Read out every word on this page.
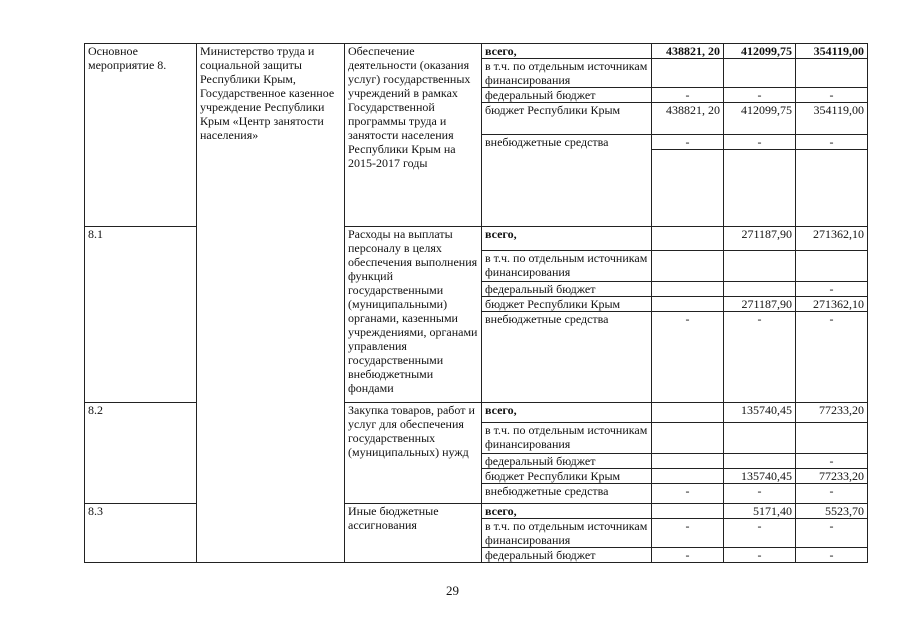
Основное мероприятие 8.	Министерство труда и социальной защиты Республики Крым, Государственное казенное учреждение Республики Крым «Центр занятости населения»	Обеспечение деятельности (оказания услуг) государственных учреждений в рамках Государственной программы труда и занятости населения Республики Крым на 2015-2017 годы	всего,	438821, 20	412099,75	354119,00
			в т.ч. по отдельным источникам финансирования			
			федеральный бюджет	-	-	-
			бюджет Республики Крым	438821, 20	412099,75	354119,00
			внебюджетные средства	-	-	-

8.1		Расходы на выплаты персоналу в целях обеспечения выполнения функций государственными (муниципальными) органами, казенными учреждениями, органами управления государственными внебюджетными фондами	всего,		271187,90	271362,10
			в т.ч. по отдельным источникам финансирования			
			федеральный бюджет			-
			бюджет Республики Крым		271187,90	271362,10
			внебюджетные средства	-	-	-
8.2		Закупка товаров, работ и услуг для обеспечения государственных (муниципальных) нужд	всего,		135740,45	77233,20
			в т.ч. по отдельным источникам финансирования			
			федеральный бюджет			-
			бюджет Республики Крым		135740,45	77233,20
			внебюджетные средства	-	-	-
8.3		Иные бюджетные ассигнования	всего,		5171,40	5523,70
			в т.ч. по отдельным источникам финансирования	-	-	-

			федеральный бюджет	-	-	-
29
